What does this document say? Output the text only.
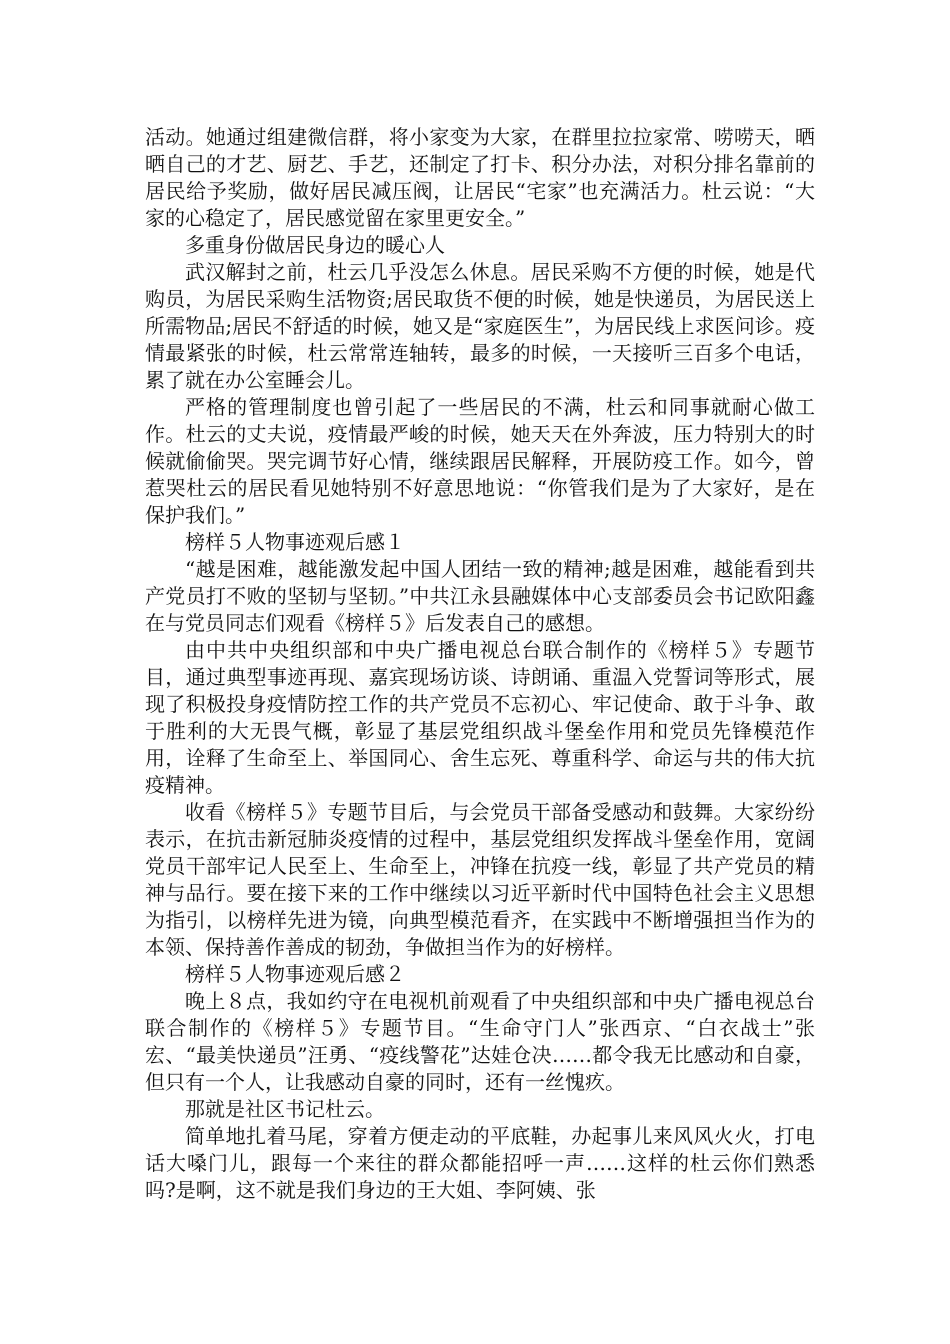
活动。她通过组建微信群，将小家变为大家，在群里拉拉家常、唠唠天，晒晒自己的才艺、厨艺、手艺，还制定了打卡、积分办法，对积分排名靠前的居民给予奖励，做好居民减压阀，让居民“宅家”也充满活力。杜云说：“大家的心稳定了，居民感觉留在家里更安全。”

多重身份做居民身边的暖心人

武汉解封之前，杜云几乎没怎么休息。居民采购不方便的时候，她是代购员，为居民采购生活物资;居民取货不便的时候，她是快递员，为居民送上所需物品;居民不舒适的时候，她又是“家庭医生”，为居民线上求医问诊。疫情最紧张的时候，杜云常常连轴转，最多的时候，一天接听三百多个电话，累了就在办公室睡会儿。

严格的管理制度也曾引起了一些居民的不满，杜云和同事就耐心做工作。杜云的丈夫说，疫情最严峻的时候，她天天在外奔波，压力特别大的时候就偷偷哭。哭完调节好心情，继续跟居民解释，开展防疫工作。如今，曾惹哭杜云的居民看见她特别不好意思地说：“你管我们是为了大家好，是在保护我们。”

榜样５人物事迹观后感１

“越是困难，越能激发起中国人团结一致的精神;越是困难，越能看到共产党员打不败的坚韧与坚韧。”中共江永县融媒体中心支部委员会书记欧阳鑫在与党员同志们观看《榜样５》后发表自己的感想。

由中共中央组织部和中央广播电视总台联合制作的《榜样５》专题节目，通过典型事迹再现、嘉宾现场访谈、诗朗诵、重温入党誓词等形式，展现了积极投身疫情防控工作的共产党员不忘初心、牢记使命、敢于斗争、敢于胜利的大无畏气概，彰显了基层党组织战斗堡垒作用和党员先锋模范作用，诠释了生命至上、举国同心、舍生忘死、尊重科学、命运与共的伟大抗疫精神。

收看《榜样５》专题节目后，与会党员干部备受感动和鼓舞。大家纷纷表示，在抗击新冠肺炎疫情的过程中，基层党组织发挥战斗堡垒作用，宽阔党员干部牢记人民至上、生命至上，冲锋在抗疫一线，彰显了共产党员的精神与品行。要在接下来的工作中继续以习近平新时代中国特色社会主义思想为指引，以榜样先进为镜，向典型模范看齐，在实践中不断增强担当作为的本领、保持善作善成的韧劲，争做担当作为的好榜样。

榜样５人物事迹观后感２

晚上８点，我如约守在电视机前观看了中央组织部和中央广播电视总台联合制作的《榜样５》专题节目。“生命守门人”张西京、“白衣战士”张宏、“最美快递员”汪勇、“疫线警花”达娃仓决……都令我无比感动和自豪，但只有一个人，让我感动自豪的同时，还有一丝愧疚。

那就是社区书记杜云。

简单地扎着马尾，穿着方便走动的平底鞋，办起事儿来风风火火，打电话大嗓门儿，跟每一个来往的群众都能招呼一声……这样的杜云你们熟悉吗?是啊，这不就是我们身边的王大姐、李阿姨、张
